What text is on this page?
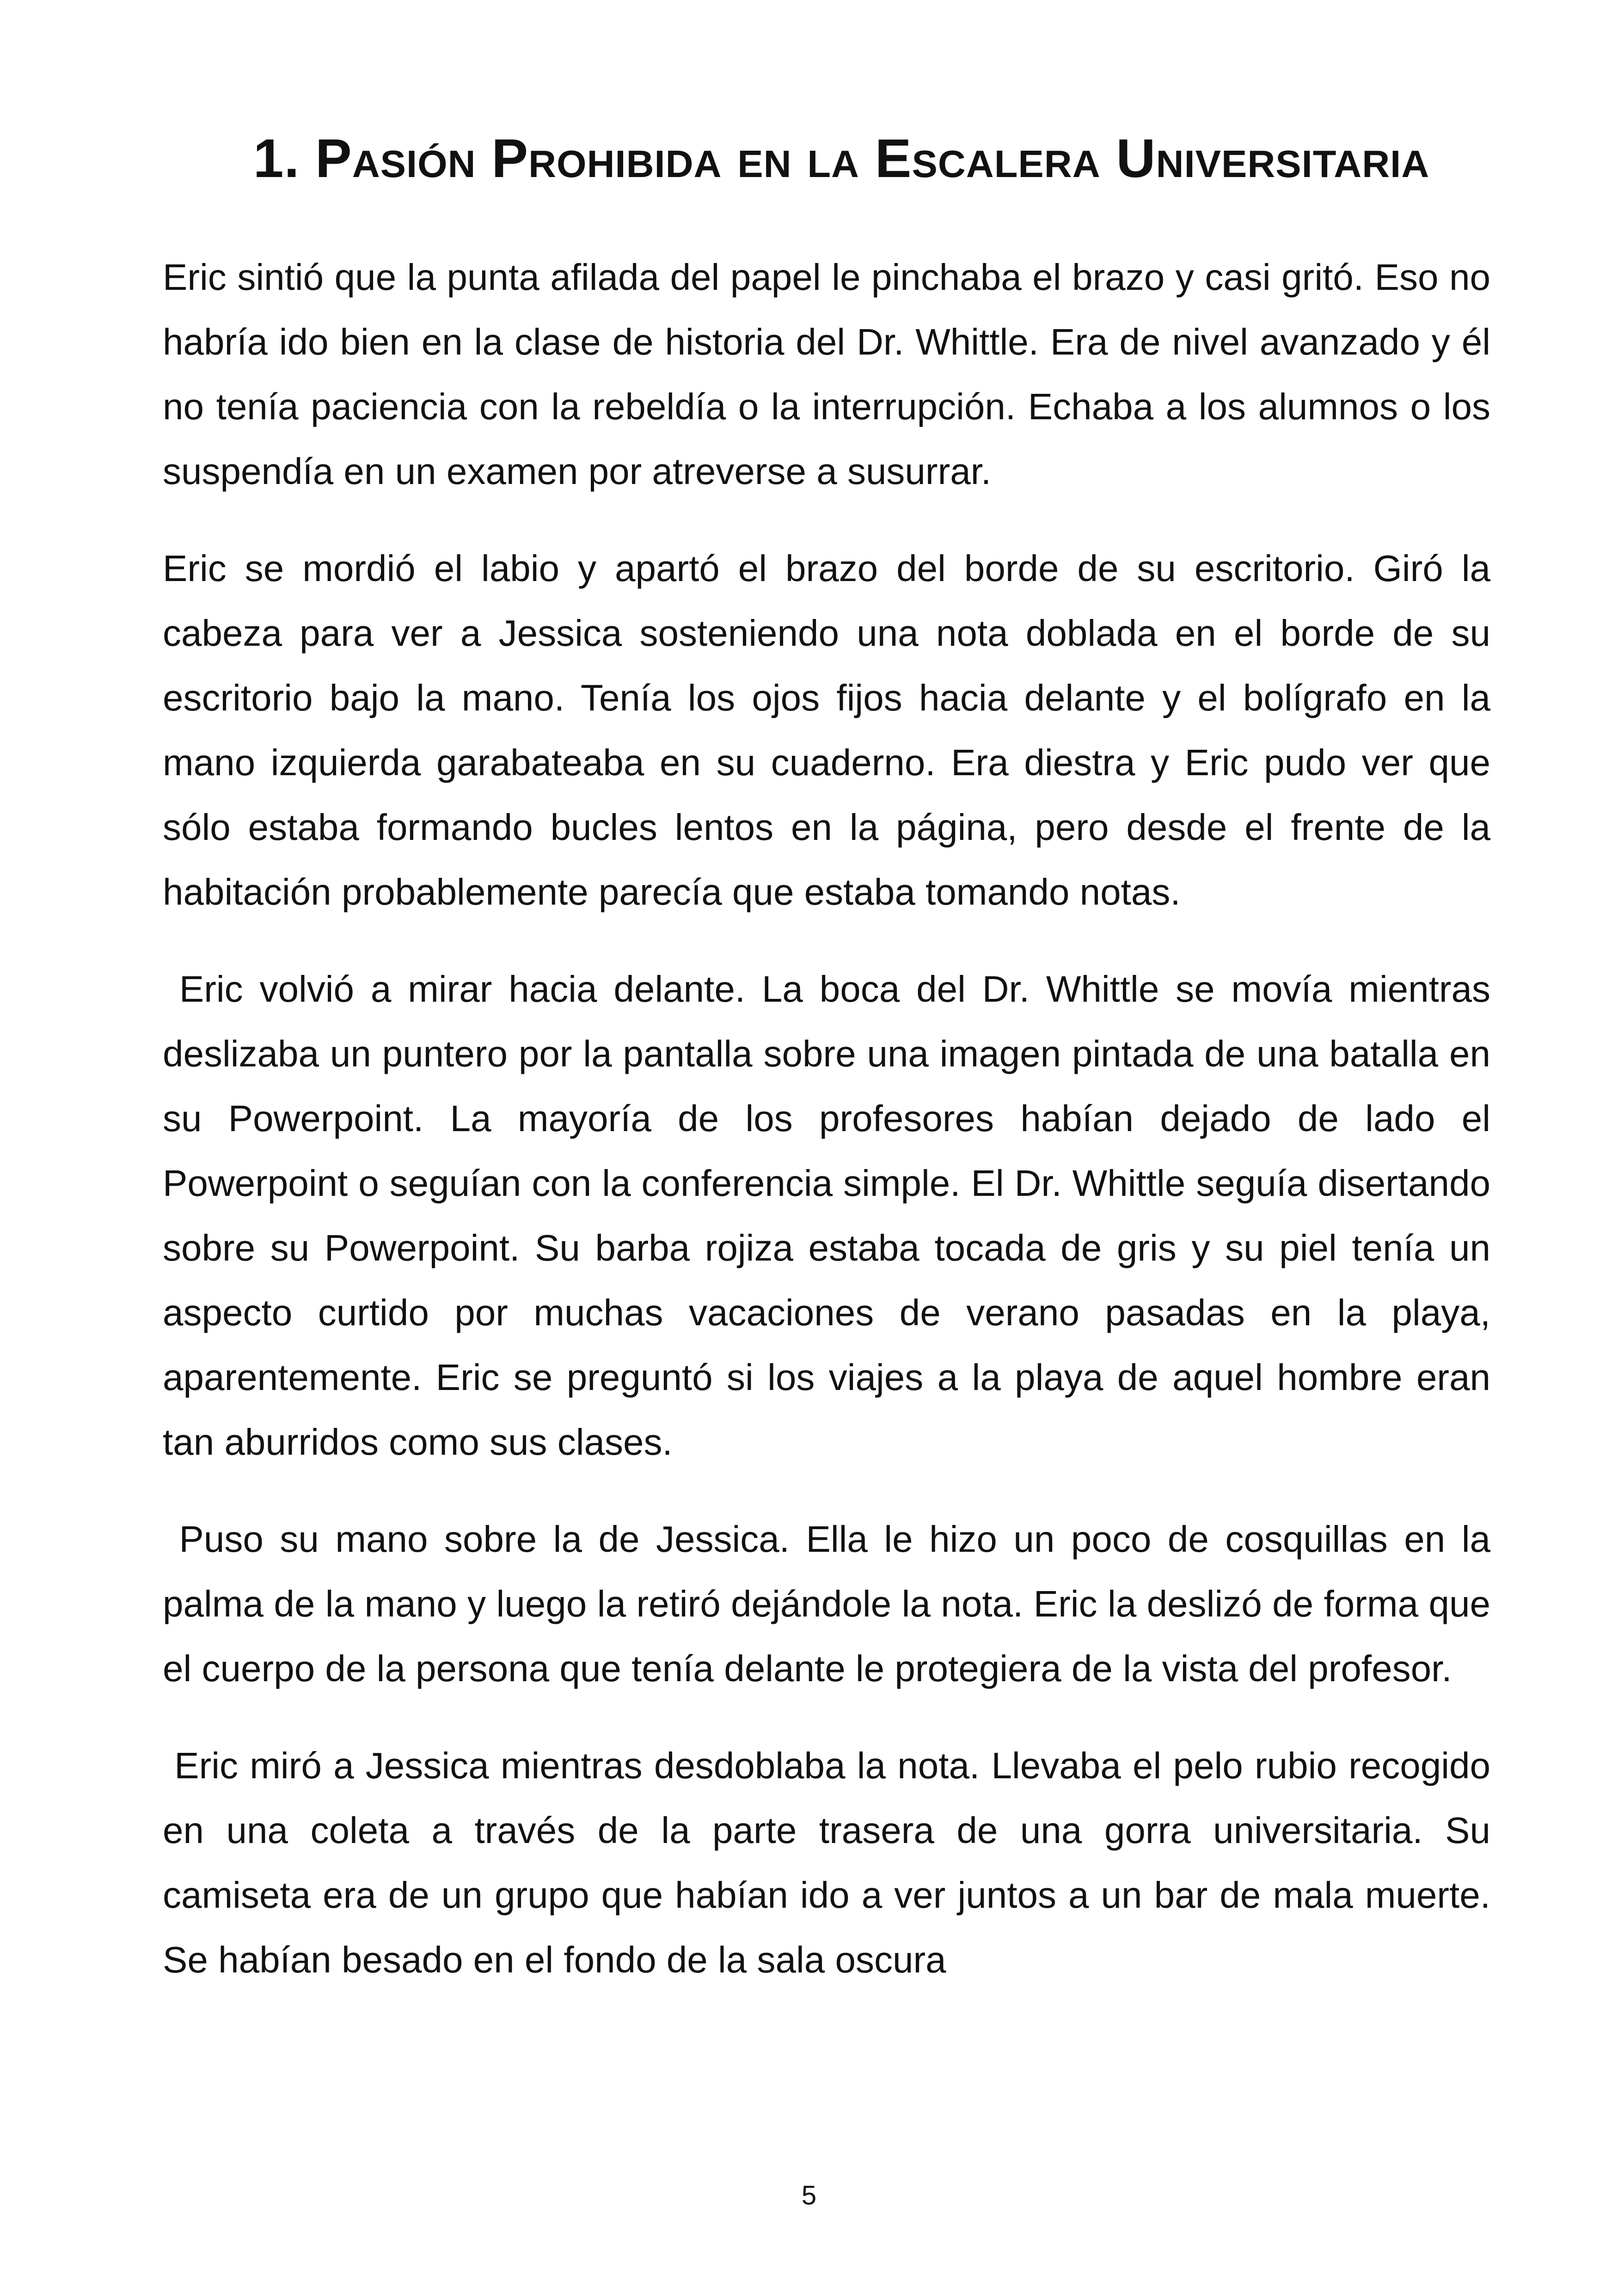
1. Pasión Prohibida en la Escalera Universitaria

Eric sintió que la punta afilada del papel le pinchaba el brazo y casi gritó. Eso no habría ido bien en la clase de historia del Dr. Whittle. Era de nivel avanzado y él no tenía paciencia con la rebeldía o la interrupción. Echaba a los alumnos o los suspendía en un examen por atreverse a susurrar.

Eric se mordió el labio y apartó el brazo del borde de su escritorio. Giró la cabeza para ver a Jessica sosteniendo una nota doblada en el borde de su escritorio bajo la mano. Tenía los ojos fijos hacia delante y el bolígrafo en la mano izquierda garabateaba en su cuaderno. Era diestra y Eric pudo ver que sólo estaba formando bucles lentos en la página, pero desde el frente de la habitación probablemente parecía que estaba tomando notas.

Eric volvió a mirar hacia delante. La boca del Dr. Whittle se movía mientras deslizaba un puntero por la pantalla sobre una imagen pintada de una batalla en su Powerpoint. La mayoría de los profesores habían dejado de lado el Powerpoint o seguían con la conferencia simple. El Dr. Whittle seguía disertando sobre su Powerpoint. Su barba rojiza estaba tocada de gris y su piel tenía un aspecto curtido por muchas vacaciones de verano pasadas en la playa, aparentemente. Eric se preguntó si los viajes a la playa de aquel hombre eran tan aburridos como sus clases.

Puso su mano sobre la de Jessica. Ella le hizo un poco de cosquillas en la palma de la mano y luego la retiró dejándole la nota. Eric la deslizó de forma que el cuerpo de la persona que tenía delante le protegiera de la vista del profesor.

Eric miró a Jessica mientras desdoblaba la nota. Llevaba el pelo rubio recogido en una coleta a través de la parte trasera de una gorra universitaria. Su camiseta era de un grupo que habían ido a ver juntos a un bar de mala muerte. Se habían besado en el fondo de la sala oscura

5
